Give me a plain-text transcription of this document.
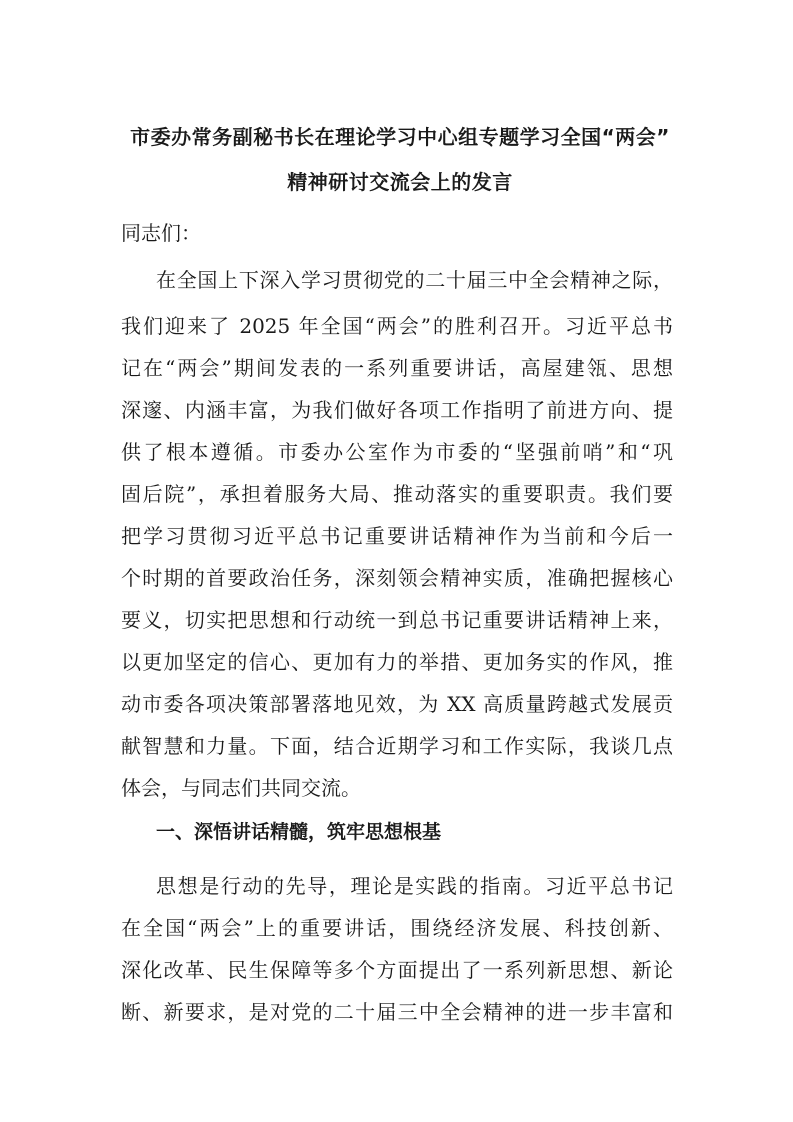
市委办常务副秘书长在理论学习中心组专题学习全国“两会”
精神研讨交流会上的发言
同志们：
在全国上下深入学习贯彻党的二十届三中全会精神之际，
我们迎来了 2025 年全国“两会”的胜利召开。习近平总书
记在“两会”期间发表的一系列重要讲话，高屋建瓴、思想
深邃、内涵丰富，为我们做好各项工作指明了前进方向、提
供了根本遵循。市委办公室作为市委的“坚强前哨”和“巩
固后院”，承担着服务大局、推动落实的重要职责。我们要
把学习贯彻习近平总书记重要讲话精神作为当前和今后一
个时期的首要政治任务，深刻领会精神实质，准确把握核心
要义，切实把思想和行动统一到总书记重要讲话精神上来，
以更加坚定的信心、更加有力的举措、更加务实的作风，推
动市委各项决策部署落地见效，为 XX 高质量跨越式发展贡
献智慧和力量。下面，结合近期学习和工作实际，我谈几点
体会，与同志们共同交流。
一、深悟讲话精髓，筑牢思想根基
思想是行动的先导，理论是实践的指南。习近平总书记
在全国“两会”上的重要讲话，围绕经济发展、科技创新、
深化改革、民生保障等多个方面提出了一系列新思想、新论
断、新要求，是对党的二十届三中全会精神的进一步丰富和
